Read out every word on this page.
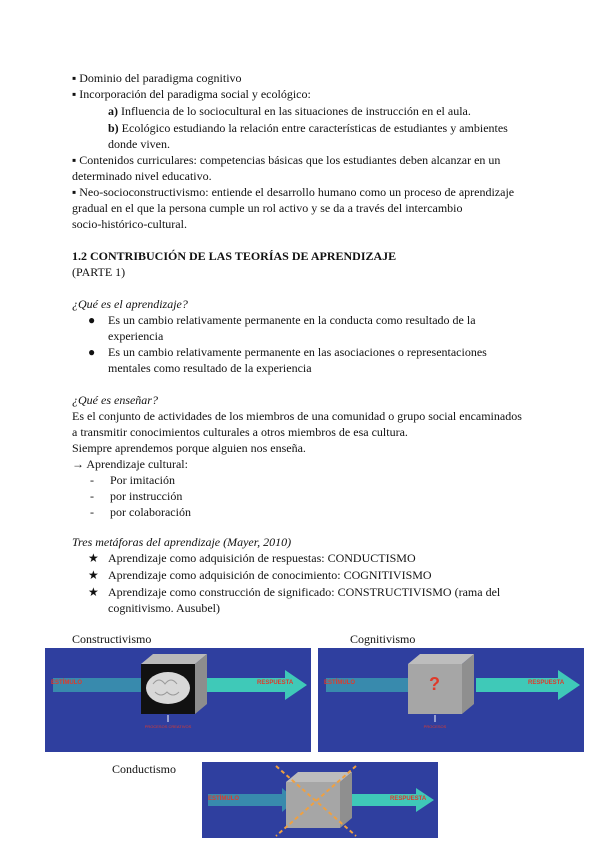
▪ Dominio del paradigma cognitivo
▪ Incorporación del paradigma social y ecológico:
a) Influencia de lo sociocultural en las situaciones de instrucción en el aula.
b) Ecológico estudiando la relación entre características de estudiantes y ambientes
donde viven.
▪ Contenidos curriculares: competencias básicas que los estudiantes deben alcanzar en un
determinado nivel educativo.
▪ Neo-socioconstructivismo: entiende el desarrollo humano como un proceso de aprendizaje
gradual en el que la persona cumple un rol activo y se da a través del intercambio
socio-histórico-cultural.
1.2 CONTRIBUCIÓN DE LAS TEORÍAS DE APRENDIZAJE
(PARTE 1)
¿Qué es el aprendizaje?
● Es un cambio relativamente permanente en la conducta como resultado de la
experiencia
● Es un cambio relativamente permanente en las asociaciones o representaciones
mentales como resultado de la experiencia
¿Qué es enseñar?
Es el conjunto de actividades de los miembros de una comunidad o grupo social encaminados
a transmitir conocimientos culturales a otros miembros de esa cultura.
Siempre aprendemos porque alguien nos enseña.
→ Aprendizaje cultural:
- Por imitación
- por instrucción
- por colaboración
Tres metáforas del aprendizaje (Mayer, 2010)
★ Aprendizaje como adquisición de respuestas: CONDUCTISMO
★ Aprendizaje como adquisición de conocimiento: COGNITIVISMO
★ Aprendizaje como construcción de significado: CONSTRUCTIVISMO (rama del
cognitivismo. Ausubel)
Constructivismo	Cognitivismo
Conductismo
ESTÍMULO	RESPUESTA
PROCESOS CREATIVOS
ESTÍMULO	RESPUESTA
?
PROCESOS
ESTÍMULO	RESPUESTA
